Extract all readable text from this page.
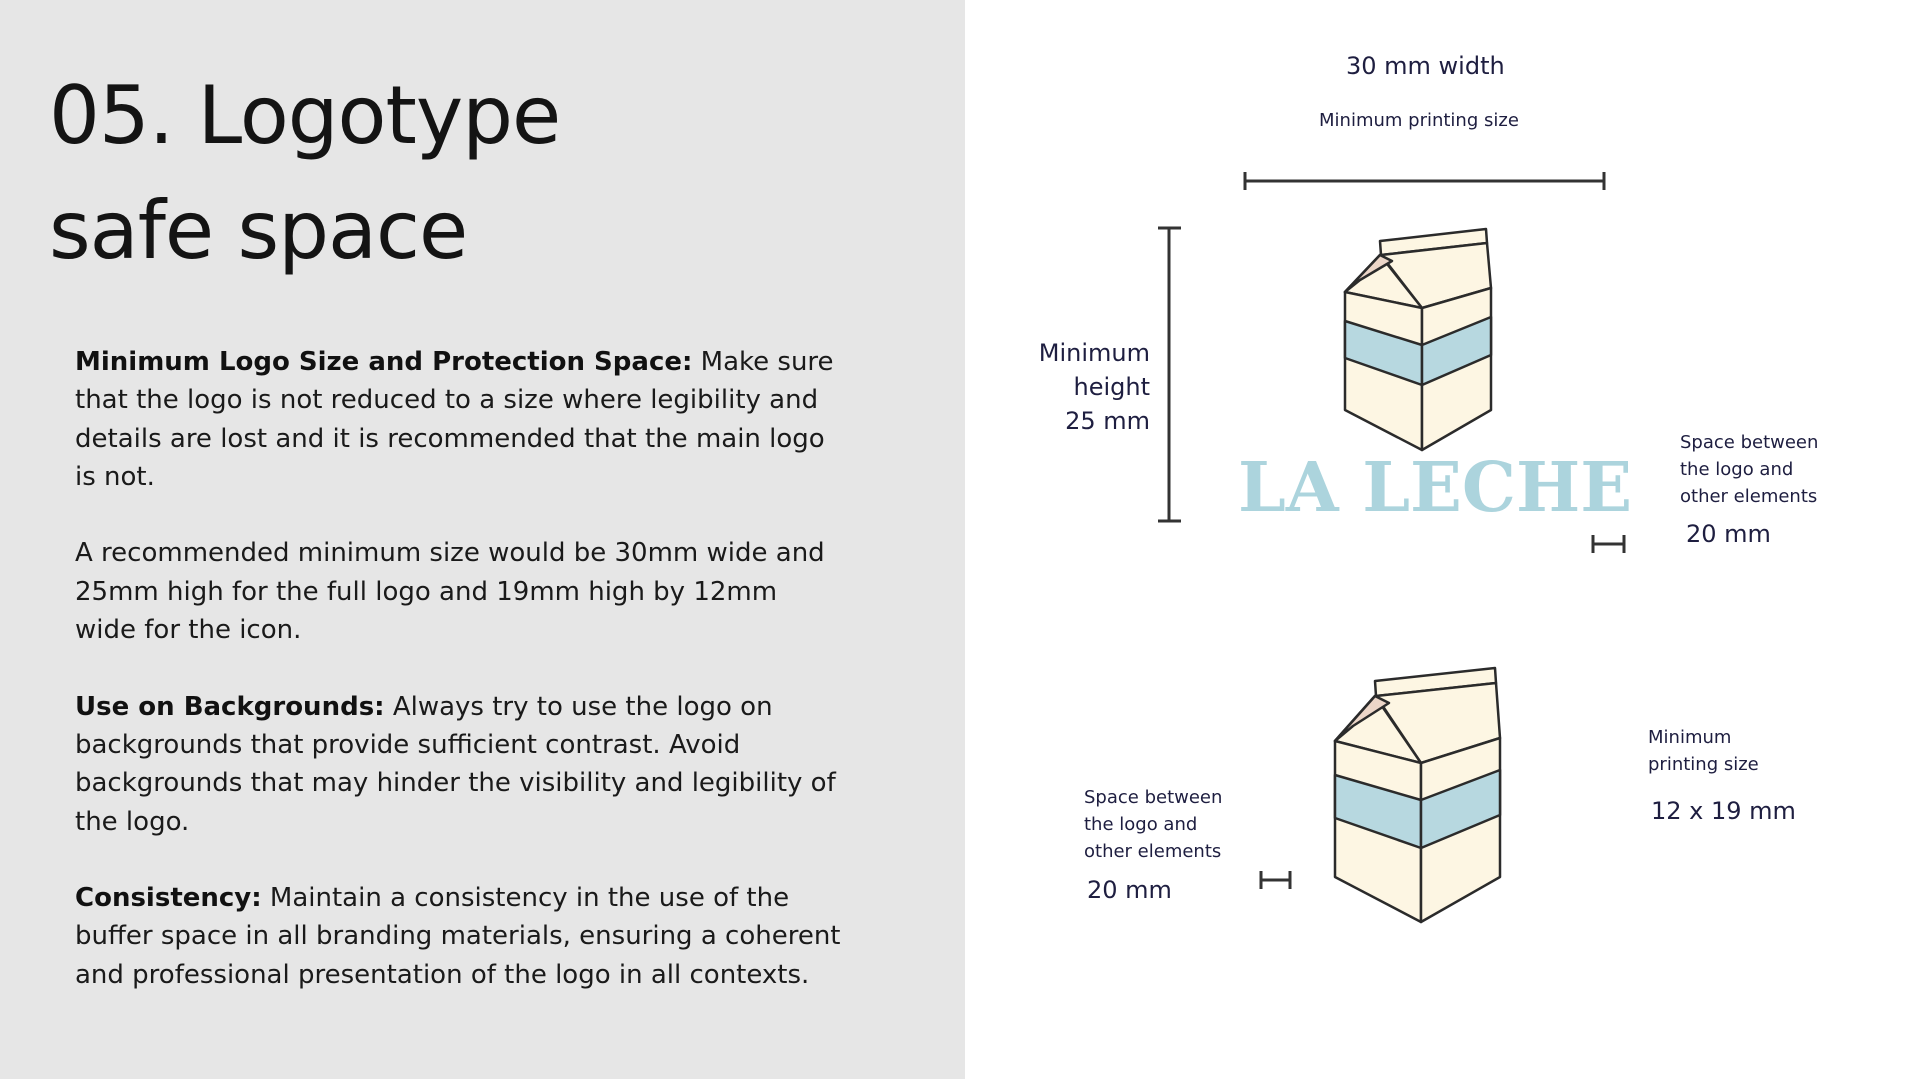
05. Logotype
safe space

Minimum Logo Size and Protection Space: Make sure that the logo is not reduced to a size where legibility and details are lost and it is recommended that the main logo is not.

A recommended minimum size would be 30mm wide and 25mm high for the full logo and 19mm high by 12mm wide for the icon.

Use on Backgrounds: Always try to use the logo on backgrounds that provide sufficient contrast. Avoid backgrounds that may hinder the visibility and legibility of the logo.

Consistency: Maintain a consistency in the use of the buffer space in all branding materials, ensuring a coherent and professional presentation of the logo in all contexts.

LA LECHE
30 mm width
Minimum printing size
Minimum
height
25 mm
Space between
the logo and
other elements
20 mm
Space between
the logo and
other elements
20 mm
Minimum
printing size
12 x 19 mm
